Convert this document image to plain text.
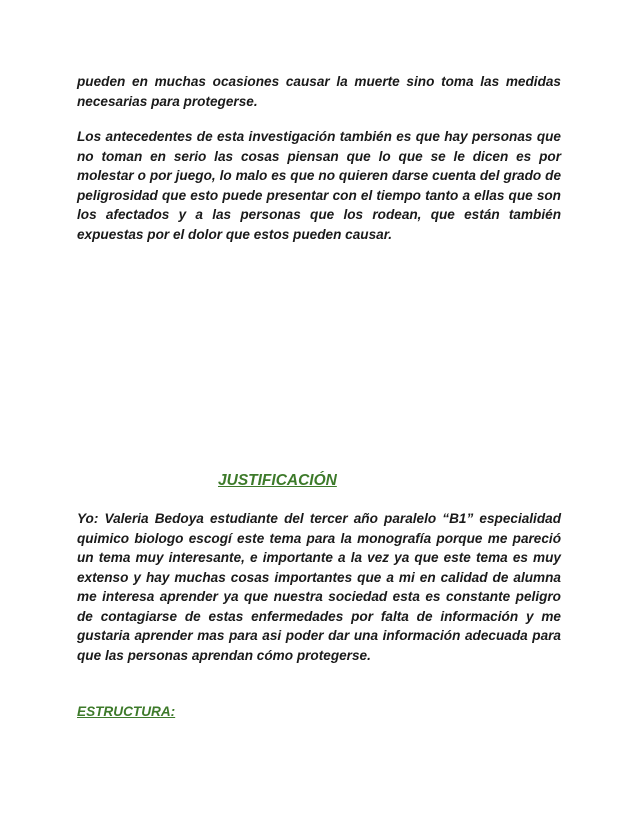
pueden en muchas ocasiones causar la muerte sino toma las medidas necesarias para protegerse.

Los antecedentes de esta investigación también es que hay personas que no toman en serio las cosas piensan que lo que se le dicen es por molestar o por juego, lo malo es que no quieren darse cuenta del grado de peligrosidad que esto puede presentar con el tiempo tanto a ellas que son los afectados y a las personas que los rodean, que están también expuestas por el dolor que estos pueden causar.

JUSTIFICACIÓN

Yo: Valeria Bedoya estudiante del tercer año paralelo “B1” especialidad quimico biologo escogí este tema para la monografía porque me pareció un tema muy interesante, e importante a la vez ya que este tema es muy extenso y hay muchas cosas importantes que a mi en calidad de alumna me interesa aprender ya que nuestra sociedad esta es constante peligro de contagiarse de estas enfermedades por falta de información y me gustaria aprender mas para asi poder dar una información adecuada para que las personas aprendan cómo protegerse.

ESTRUCTURA:
